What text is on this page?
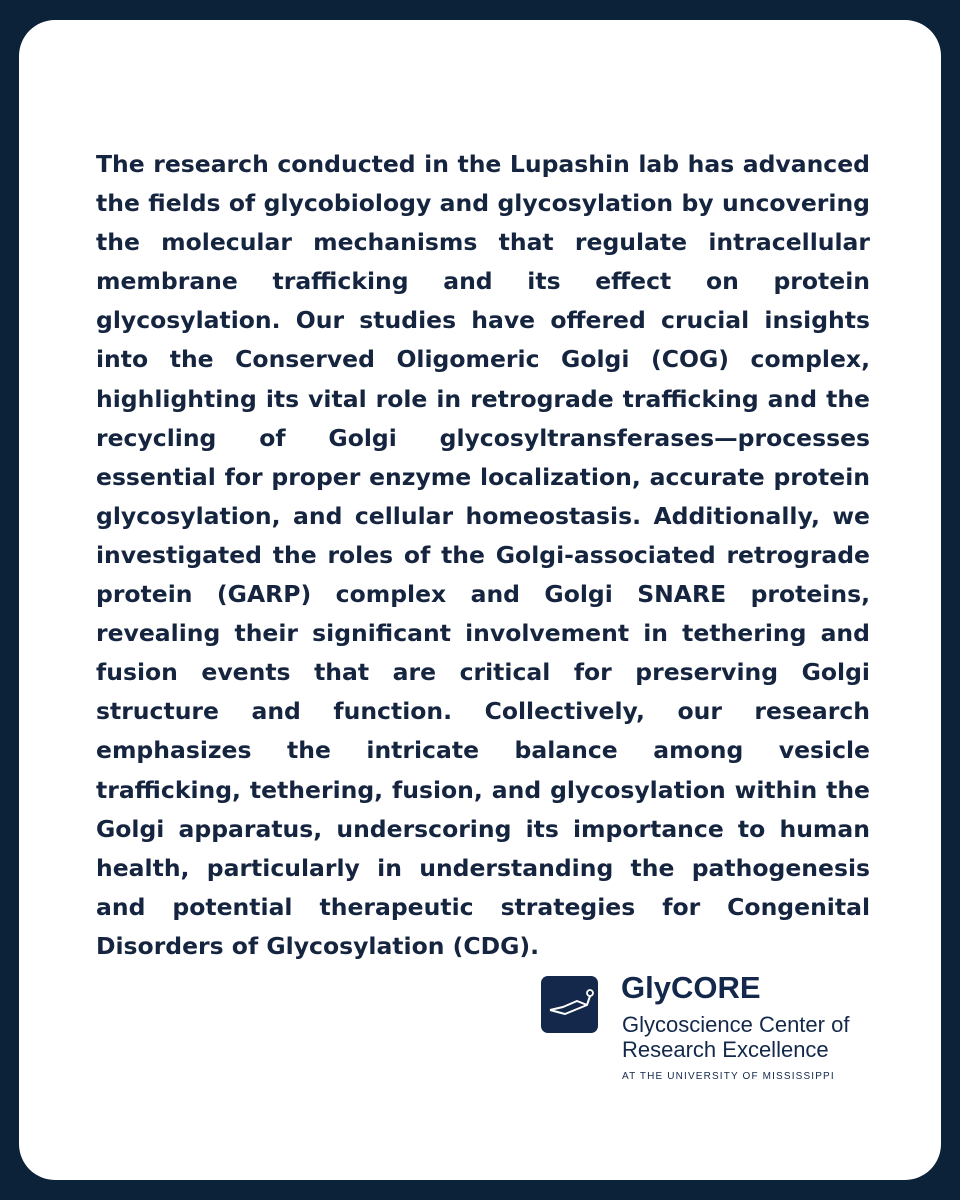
The research conducted in the Lupashin lab has advanced the fields of glycobiology and glycosylation by uncovering the molecular mechanisms that regulate intracellular membrane trafficking and its effect on protein glycosylation. Our studies have offered crucial insights into the Conserved Oligomeric Golgi (COG) complex, highlighting its vital role in retrograde trafficking and the recycling of Golgi glycosyltransferases—processes essential for proper enzyme localization, accurate protein glycosylation, and cellular homeostasis. Additionally, we investigated the roles of the Golgi-associated retrograde protein (GARP) complex and Golgi SNARE proteins, revealing their significant involvement in tethering and fusion events that are critical for preserving Golgi structure and function. Collectively, our research emphasizes the intricate balance among vesicle trafficking, tethering, fusion, and glycosylation within the Golgi apparatus, underscoring its importance to human health, particularly in understanding the pathogenesis and potential therapeutic strategies for Congenital Disorders of Glycosylation (CDG).

GlyCORE
Glycoscience Center of Research Excellence
AT THE UNIVERSITY OF MISSISSIPPI
